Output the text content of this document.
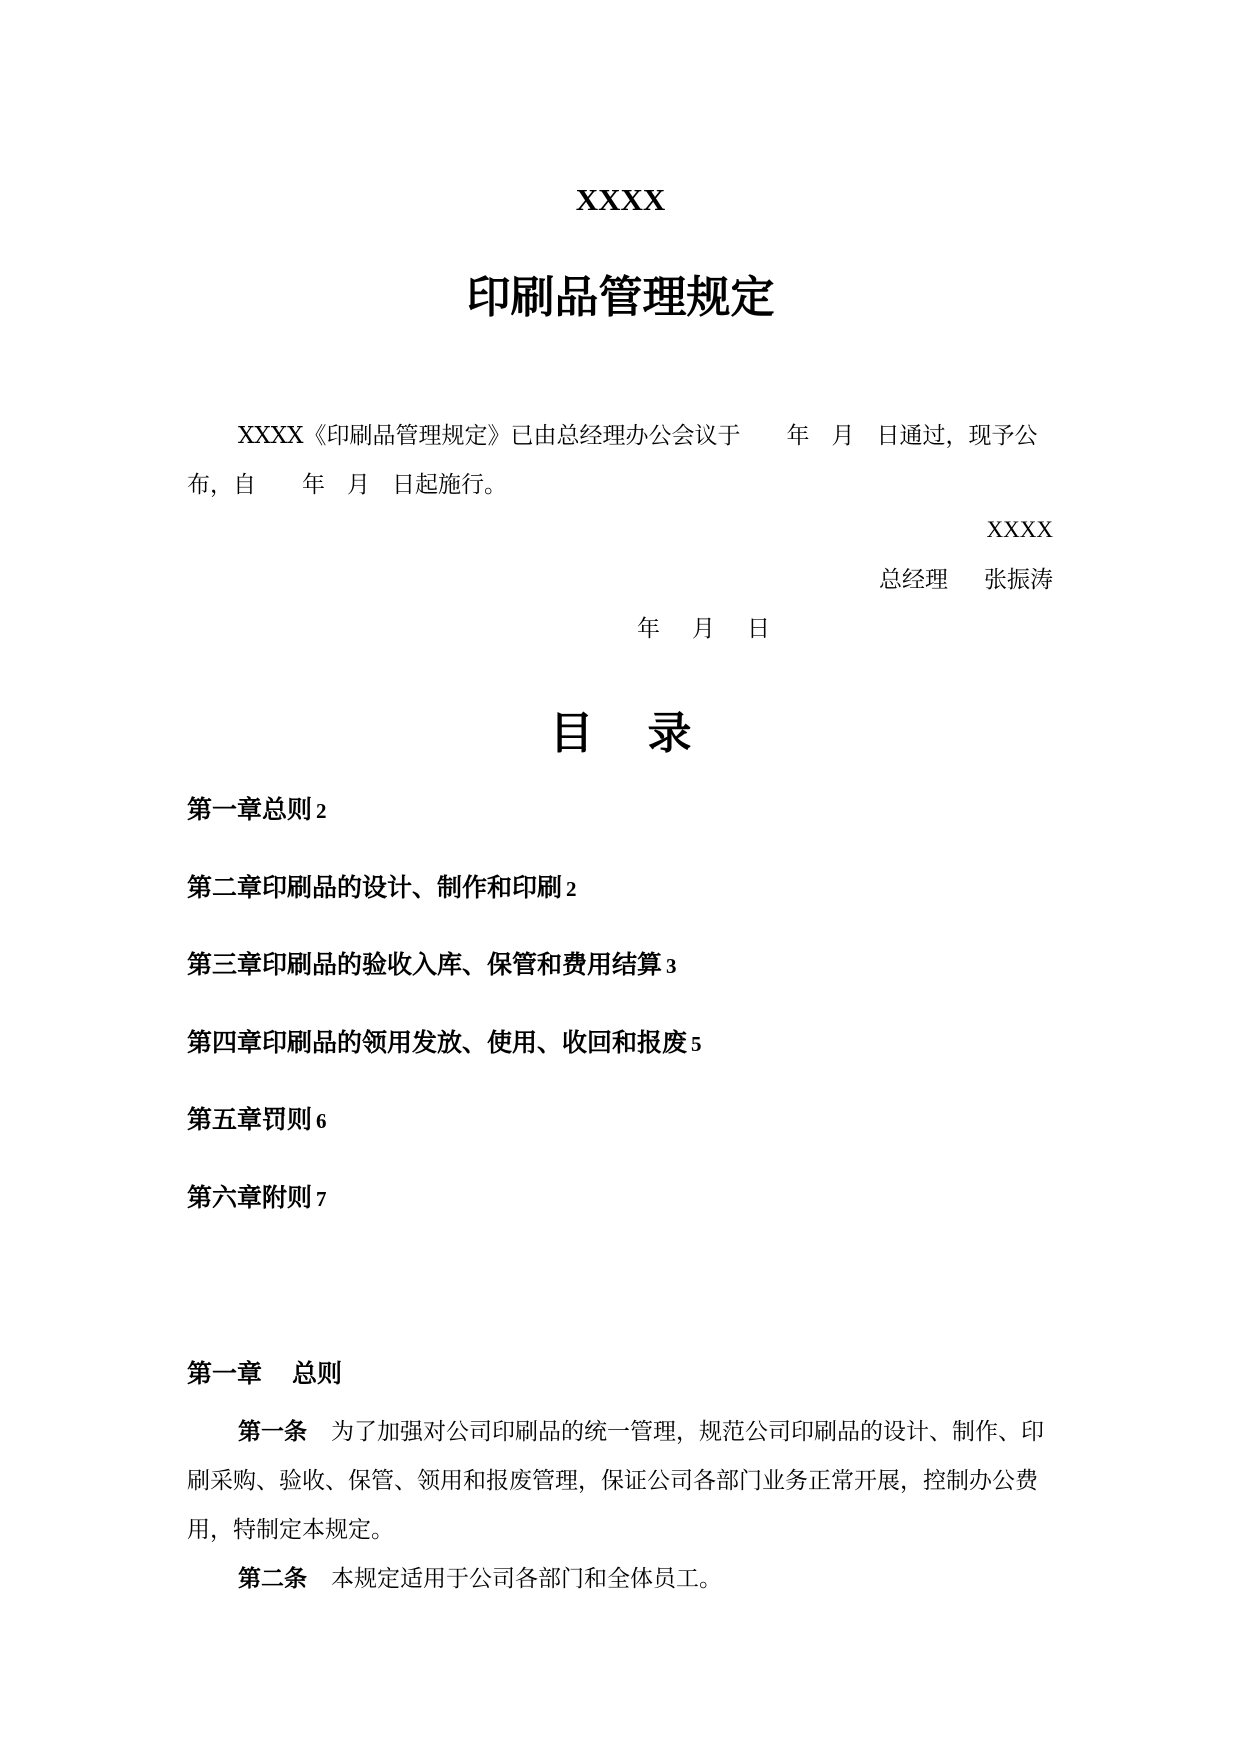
XXXX
印刷品管理规定
XXXX《印刷品管理规定》已由总经理办公会议于 年 月 日通过，现予公布，自 年 月 日起施行。
XXXX
总经理 张振涛
年 月 日
目录
第一章总则 2
第二章印刷品的设计、制作和印刷 2
第三章印刷品的验收入库、保管和费用结算 3
第四章印刷品的领用发放、使用、收回和报废 5
第五章罚则 6
第六章附则 7
第一章 总则
第一条 为了加强对公司印刷品的统一管理，规范公司印刷品的设计、制作、印刷采购、验收、保管、领用和报废管理，保证公司各部门业务正常开展，控制办公费用，特制定本规定。
第二条 本规定适用于公司各部门和全体员工。
